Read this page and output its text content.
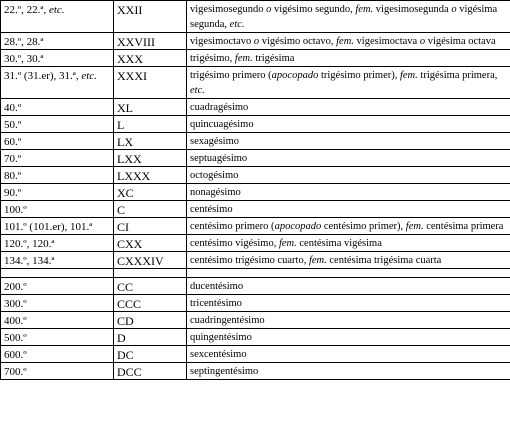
22.º, 22.ª, etc.	XXII	vigesimosegundo o vigésimo segundo, fem. vigesimosegunda o vigésima segunda, etc.
28.º, 28.ª	XXVIII	vigesimoctavo o vigésimo octavo, fem. vigesimoctava o vigésima octava
30.º, 30.ª	XXX	trigésimo, fem. trigésima
31.º (31.er), 31.ª, etc.	XXXI	trigésimo primero (apocopado trigésimo primer), fem. trigésima primera, etc.
40.º	XL	cuadragésimo
50.º	L	quincuagésimo
60.º	LX	sexagésimo
70.º	LXX	septuagésimo
80.º	LXXX	octogésimo
90.º	XC	nonagésimo
100.º	C	centésimo
101.º (101.er), 101.ª	CI	centésimo primero (apocopado centésimo primer), fem. centésima primera
120.º, 120.ª	CXX	centésimo vigésimo, fem. centésima vigésima
134.º, 134.ª	CXXXIV	centésimo trigésimo cuarto, fem. centésima trigésima cuarta

200.º	CC	ducentésimo
300.º	CCC	tricentésimo
400.º	CD	cuadringentésimo
500.º	D	quingentésimo
600.º	DC	sexcentésimo
700.º	DCC	septingentésimo
